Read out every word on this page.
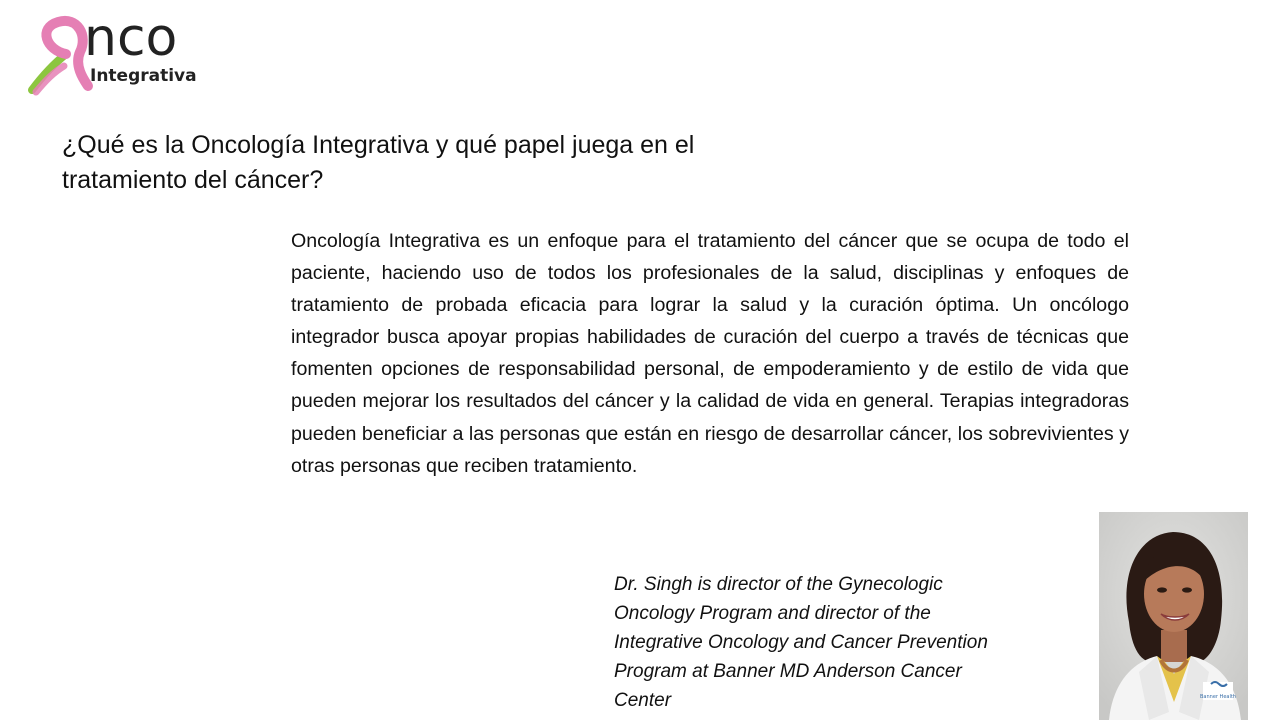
nco
Integrativa
¿Qué es la Oncología Integrativa y qué papel juega en el tratamiento del cáncer?
Oncología Integrativa es un enfoque para el tratamiento del cáncer que se ocupa de todo el paciente, haciendo uso de todos los profesionales de la salud, disciplinas y enfoques de tratamiento de probada eficacia para lograr la salud y la curación óptima. Un oncólogo integrador busca apoyar propias habilidades de curación del cuerpo a través de técnicas que fomenten opciones de responsabilidad personal, de empoderamiento y de estilo de vida que pueden mejorar los resultados del cáncer y la calidad de vida en general. Terapias integradoras pueden beneficiar a las personas que están en riesgo de desarrollar cáncer, los sobrevivientes y otras personas que reciben tratamiento.
Dr. Singh is director of the Gynecologic Oncology Program and director of the Integrative Oncology and Cancer Prevention Program at Banner MD Anderson Cancer Center	Banner Health
